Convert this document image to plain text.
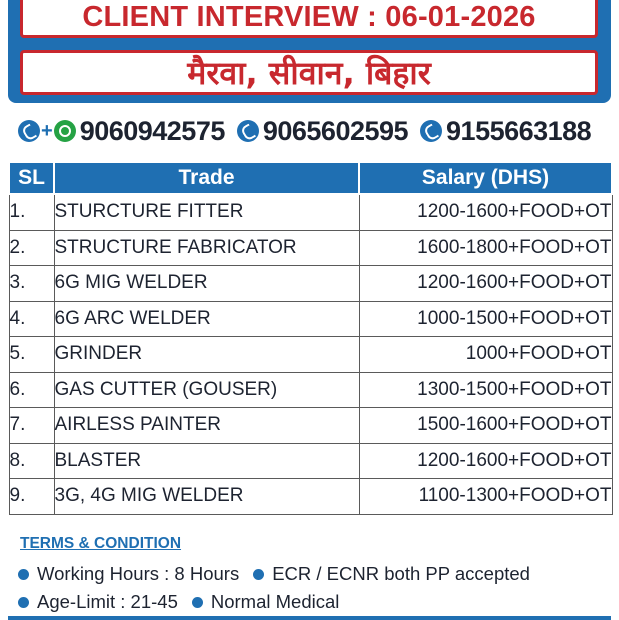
CLIENT INTERVIEW : 06-01-2026
मैरवा, सीवान, बिहार
+ 9060942575 9065602595 9155663188
SL	Trade	Salary (DHS)
1.	STURCTURE FITTER	1200-1600+FOOD+OT
2.	STRUCTURE FABRICATOR	1600-1800+FOOD+OT
3.	6G MIG WELDER	1200-1600+FOOD+OT
4.	6G ARC WELDER	1000-1500+FOOD+OT
5.	GRINDER	1000+FOOD+OT
6.	GAS CUTTER (GOUSER)	1300-1500+FOOD+OT
7.	AIRLESS PAINTER	1500-1600+FOOD+OT
8.	BLASTER	1200-1600+FOOD+OT
9.	3G, 4G MIG WELDER	1100-1300+FOOD+OT
TERMS & CONDITION
Working Hours : 8 Hours ECR / ECNR both PP accepted
Age-Limit : 21-45 Normal Medical
